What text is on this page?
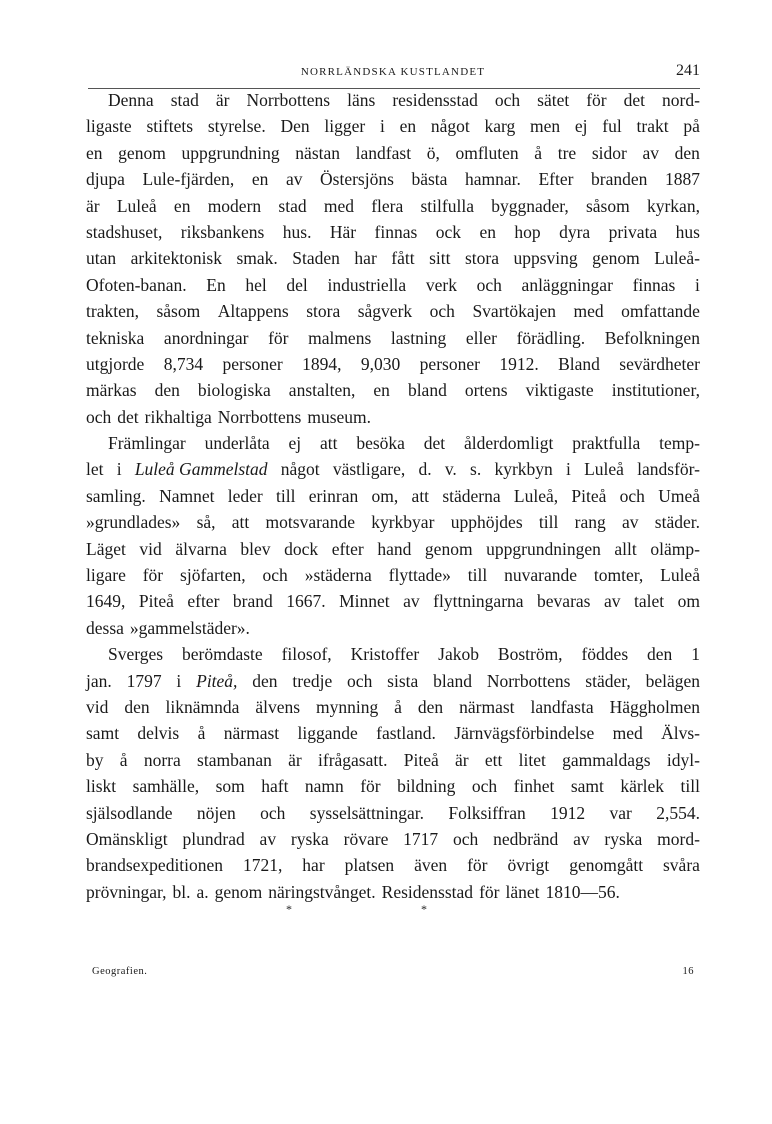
NORRLÄNDSKA KUSTLANDET	241
Denna stad är Norrbottens läns residensstad och sätet för det nord-
ligaste stiftets styrelse. Den ligger i en något karg men ej ful trakt på
en genom uppgrundning nästan landfast ö, omfluten å tre sidor av den
djupa Lule-fjärden, en av Östersjöns bästa hamnar. Efter branden 1887
är Luleå en modern stad med flera stilfulla byggnader, såsom kyrkan,
stadshuset, riksbankens hus. Här finnas ock en hop dyra privata hus
utan arkitektonisk smak. Staden har fått sitt stora uppsving genom Luleå-
Ofoten-banan. En hel del industriella verk och anläggningar finnas i
trakten, såsom Altappens stora sågverk och Svartökajen med omfattande
tekniska anordningar för malmens lastning eller förädling. Befolkningen
utgjorde 8,734 personer 1894, 9,030 personer 1912. Bland sevärdheter
märkas den biologiska anstalten, en bland ortens viktigaste institutioner,
och det rikhaltiga Norrbottens museum.
Främlingar underlåta ej att besöka det ålderdomligt praktfulla temp-
let i Luleå Gammelstad något västligare, d. v. s. kyrkbyn i Luleå landsför-
samling. Namnet leder till erinran om, att städerna Luleå, Piteå och Umeå
»grundlades» så, att motsvarande kyrkbyar upphöjdes till rang av städer.
Läget vid älvarna blev dock efter hand genom uppgrundningen allt olämp-
ligare för sjöfarten, och »städerna flyttade» till nuvarande tomter, Luleå
1649, Piteå efter brand 1667. Minnet av flyttningarna bevaras av talet om
dessa »gammelstäder».
Sverges berömdaste filosof, Kristoffer Jakob Boström, föddes den 1
jan. 1797 i Piteå, den tredje och sista bland Norrbottens städer, belägen
vid den liknämnda älvens mynning å den närmast landfasta Häggholmen
samt delvis å närmast liggande fastland. Järnvägsförbindelse med Älvs-
by å norra stambanan är ifrågasatt. Piteå är ett litet gammaldags idyl-
liskt samhälle, som haft namn för bildning och finhet samt kärlek till
själsodlande nöjen och sysselsättningar. Folksiffran 1912 var 2,554.
Omänskligt plundrad av ryska rövare 1717 och nedbränd av ryska mord-
brandsexpeditionen 1721, har platsen även för övrigt genomgått svåra
prövningar, bl. a. genom näringstvånget. Residensstad för länet 1810—56.
*	*
Geografien.	16
